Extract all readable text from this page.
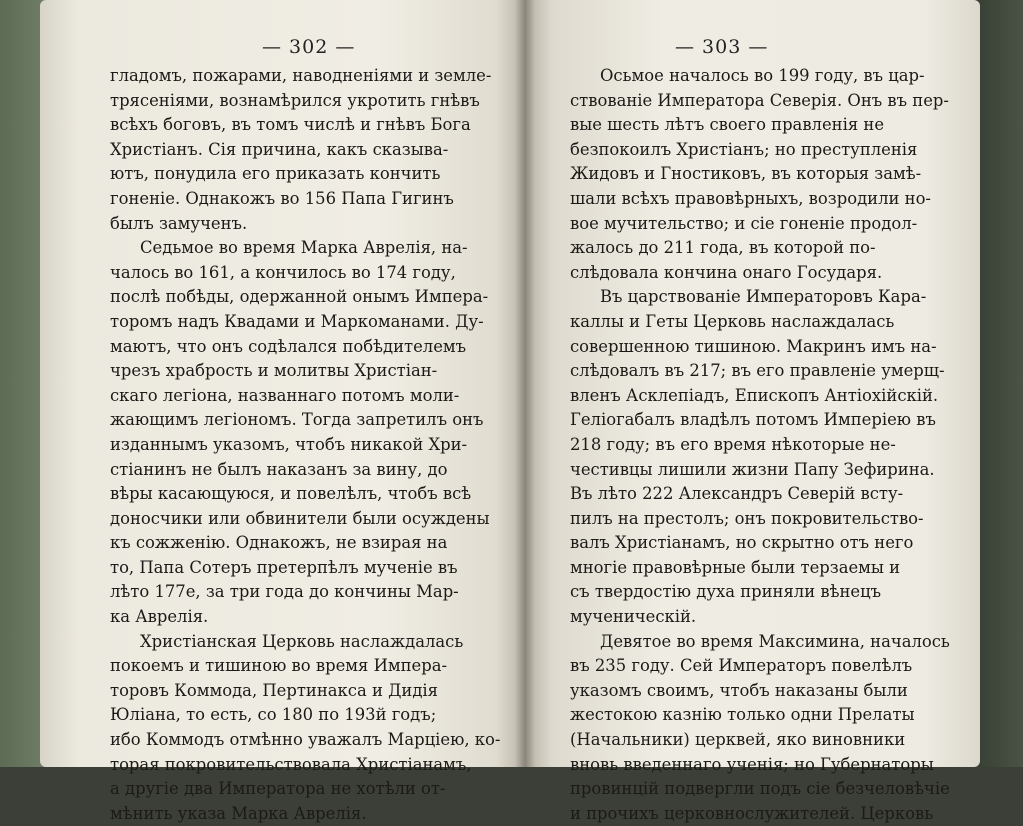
— 302 —
гладомъ, пожарами, наводненіями и земле-
трясеніями, вознамѣрился укротить гнѣвъ
всѣхъ боговъ, въ томъ числѣ и гнѣвъ Бога
Христіанъ. Сія причина, какъ сказыва-
ютъ, понудила его приказать кончить
гоненіе. Однакожъ во 156 Папа Гигинъ
былъ замученъ.
Седьмое во время Марка Аврелія, на-
чалось во 161, а кончилось во 174 году,
послѣ побѣды, одержанной онымъ Импера-
торомъ надъ Квадами и Маркоманами. Ду-
маютъ, что онъ содѣлался побѣдителемъ
чрезъ храбрость и молитвы Христіан-
скаго легіона, названнаго потомъ моли-
жающимъ легіономъ. Тогда запретилъ онъ
изданнымъ указомъ, чтобъ никакой Хри-
стіанинъ не былъ наказанъ за вину, до
вѣры касающуюся, и повелѣлъ, чтобъ всѣ
доносчики или обвинители были осуждены
къ сожженію. Однакожъ, не взирая на
то, Папа Сотеръ претерпѣлъ мученіе въ
лѣто 177е, за три года до кончины Мар-
ка Аврелія.
Христіанская Церковь наслаждалась
покоемъ и тишиною во время Импера-
торовъ Коммода, Пертинакса и Дидія
Юліана, то есть, со 180 по 193й годъ;
ибо Коммодъ отмѣнно уважалъ Марціею, ко-
торая покровительствовала Христіанамъ,
а другіе два Императора не хотѣли от-
мѣнить указа Марка Аврелія.
— 303 —
Осьмое началось во 199 году, въ цар-
ствованіе Императора Северія. Онъ въ пер-
вые шесть лѣтъ своего правленія не
безпокоилъ Христіанъ; но преступленія
Жидовъ и Гностиковъ, въ которыя замѣ-
шали всѣхъ правовѣрныхъ, возродили но-
вое мучительство; и сіе гоненіе продол-
жалось до 211 года, въ которой по-
слѣдовала кончина онаго Государя.
Въ царствованіе Императоровъ Кара-
каллы и Геты Церковь наслаждалась
совершенною тишиною. Макринъ имъ на-
слѣдовалъ въ 217; въ его правленіе умерщ-
вленъ Асклепіадъ, Епископъ Антіохійскій.
Геліогабалъ владѣлъ потомъ Имперіею въ
218 году; въ его время нѣкоторые не-
честивцы лишили жизни Папу Зефирина.
Въ лѣто 222 Александръ Северій всту-
пилъ на престолъ; онъ покровительство-
валъ Христіанамъ, но скрытно отъ него
многіе правовѣрные были терзаемы и
съ твердостію духа приняли вѣнецъ
мученическій.
Девятое во время Максимина, началось
въ 235 году. Сей Императоръ повелѣлъ
указомъ своимъ, чтобъ наказаны были
жестокою казнію только одни Прелаты
(Начальники) церквей, яко виновники
вновь введеннаго ученія; но Губернаторы
провинцій подвергли подъ сіе безчеловѣчіе
и прочихъ церковнослужителей. Церковь
